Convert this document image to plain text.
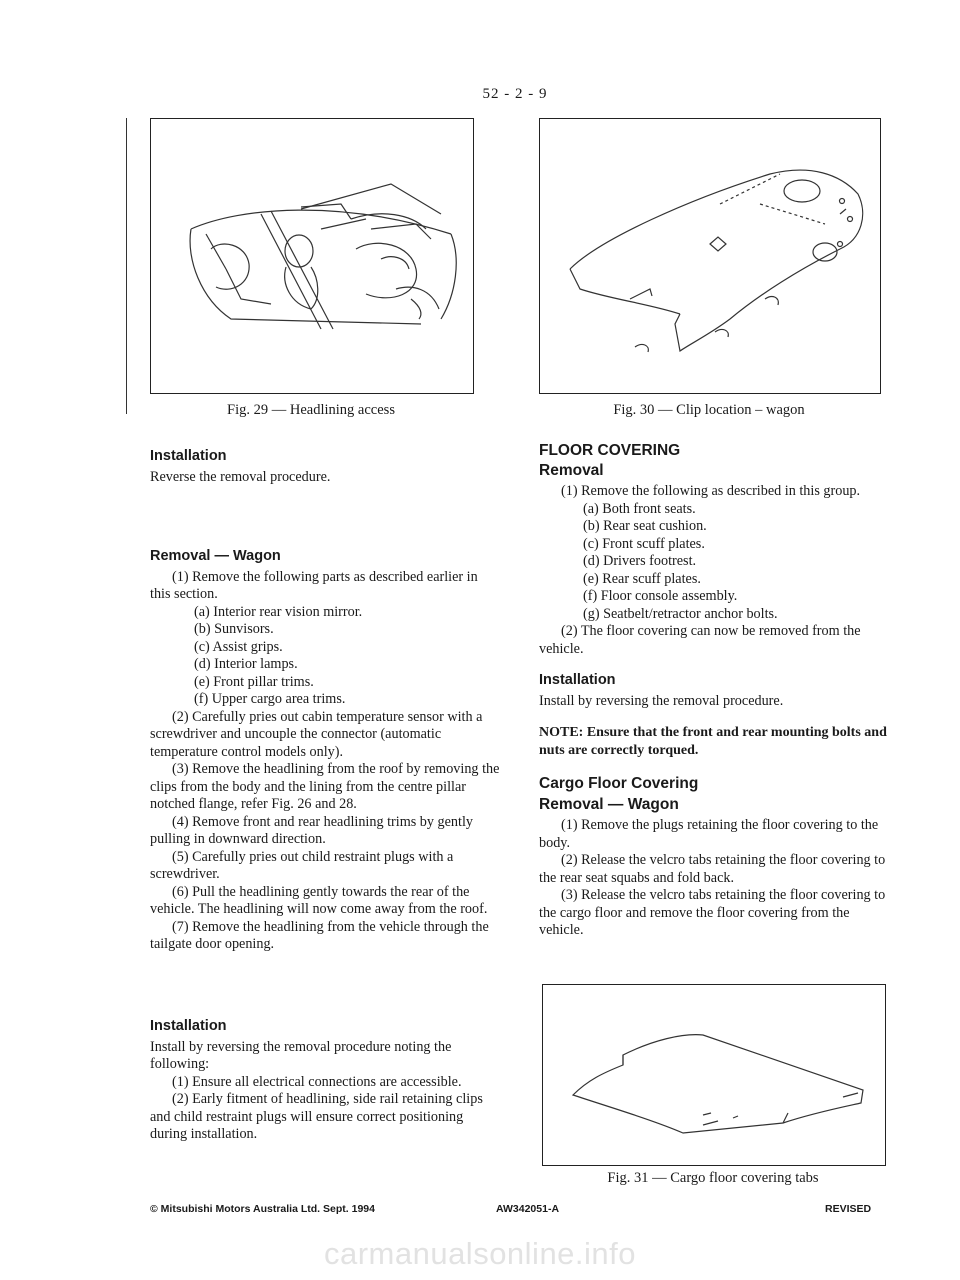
52 - 2 - 9
Fig. 29 — Headlining access	Fig. 30 — Clip location – wagon
Installation

Reverse the removal procedure.

Removal — Wagon

(1) Remove the following parts as described earlier in this section.

(a) Interior rear vision mirror.

(b) Sunvisors.

(c) Assist grips.

(d) Interior lamps.

(e) Front pillar trims.

(f) Upper cargo area trims.

(2) Carefully pries out cabin temperature sensor with a screwdriver and uncouple the connector (automatic temperature control models only).

(3) Remove the headlining from the roof by removing the clips from the body and the lining from the centre pillar notched flange, refer Fig. 26 and 28.

(4) Remove front and rear headlining trims by gently pulling in downward direction.

(5) Carefully pries out child restraint plugs with a screwdriver.

(6) Pull the headlining gently towards the rear of the vehicle. The headlining will now come away from the roof.

(7) Remove the headlining from the vehicle through the tailgate door opening.

Installation

Install by reversing the removal procedure noting the following:

(1) Ensure all electrical connections are accessible.

(2) Early fitment of headlining, side rail retaining clips and child restraint plugs will ensure correct positioning during installation.

FLOOR COVERING
Removal

(1) Remove the following as described in this group.

(a) Both front seats.

(b) Rear seat cushion.

(c) Front scuff plates.

(d) Drivers footrest.

(e) Rear scuff plates.

(f) Floor console assembly.

(g) Seatbelt/retractor anchor bolts.

(2) The floor covering can now be removed from the vehicle.

Installation

Install by reversing the removal procedure.

NOTE: Ensure that the front and rear mounting bolts and nuts are correctly torqued.
Cargo Floor Covering
Removal — Wagon

(1) Remove the plugs retaining the floor covering to the body.

(2) Release the velcro tabs retaining the floor covering to the rear seat squabs and fold back.

(3) Release the velcro tabs retaining the floor covering to the cargo floor and remove the floor covering from the vehicle.

Fig. 31 — Cargo floor covering tabs
© Mitsubishi Motors Australia Ltd. Sept. 1994	AW342051-A	REVISED
carmanualsonline.info
